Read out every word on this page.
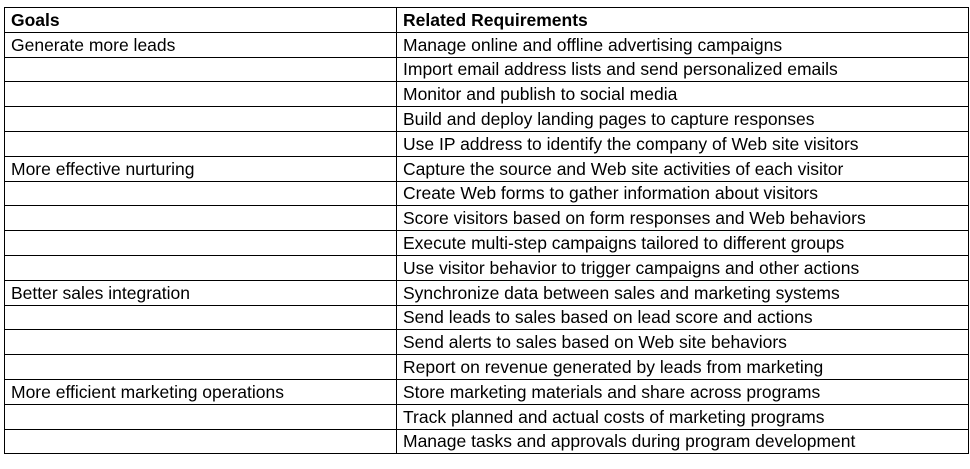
Goals	Related Requirements
Generate more leads	Manage online and offline advertising campaigns
	Import email address lists and send personalized emails
	Monitor and publish to social media
	Build and deploy landing pages to capture responses
	Use IP address to identify the company of Web site visitors
More effective nurturing	Capture the source and Web site activities of each visitor
	Create Web forms to gather information about visitors
	Score visitors based on form responses and Web behaviors
	Execute multi-step campaigns tailored to different groups
	Use visitor behavior to trigger campaigns and other actions
Better sales integration	Synchronize data between sales and marketing systems
	Send leads to sales based on lead score and actions
	Send alerts to sales based on Web site behaviors
	Report on revenue generated by leads from marketing
More efficient marketing operations	Store marketing materials and share across programs
	Track planned and actual costs of marketing programs
	Manage tasks and approvals during program development
